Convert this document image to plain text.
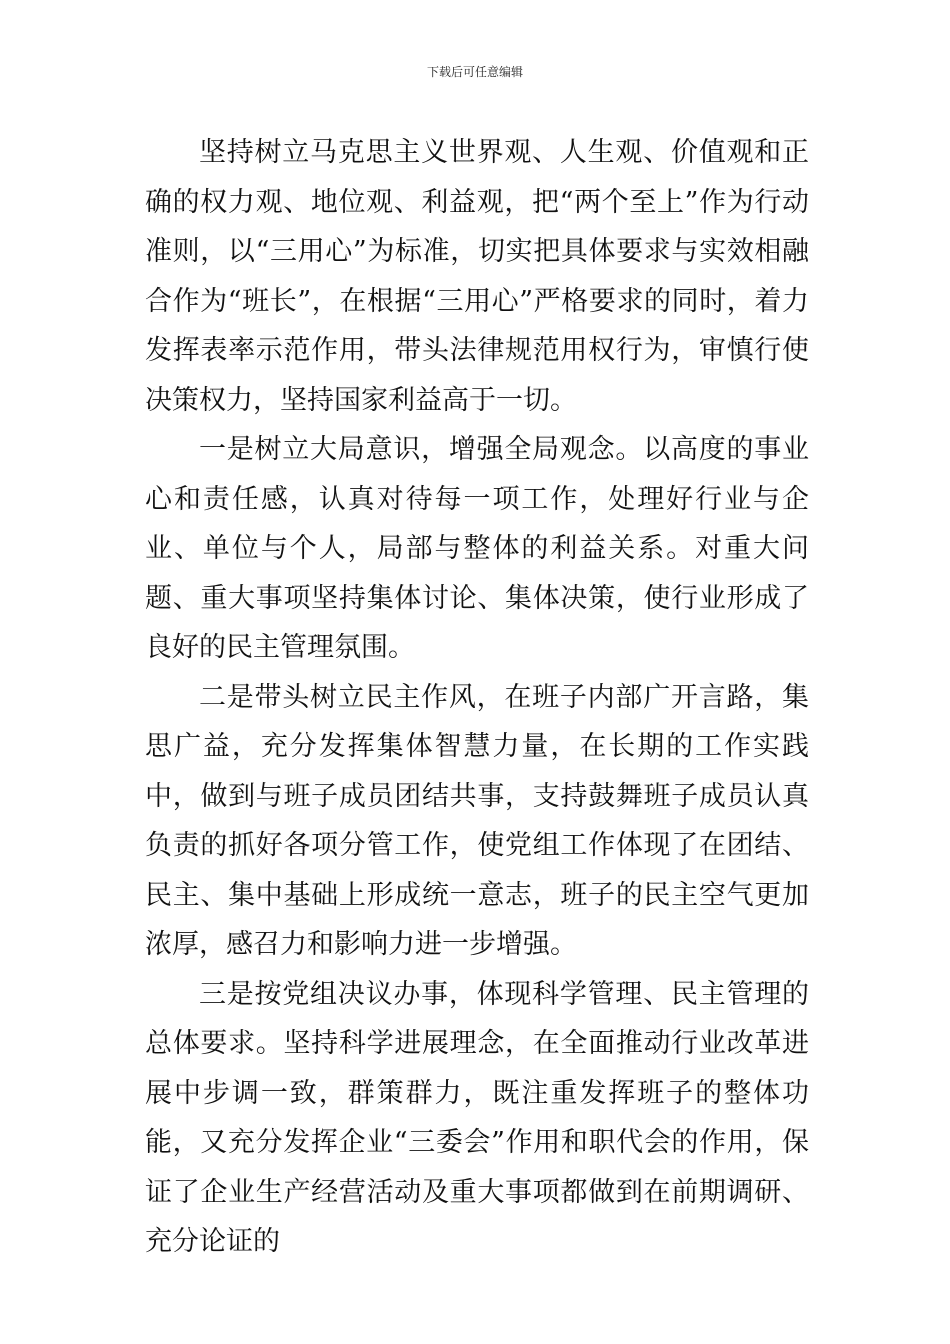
下载后可任意编辑

坚持树立马克思主义世界观、人生观、价值观和正确的权力观、地位观、利益观，把“两个至上”作为行动准则，以“三用心”为标准，切实把具体要求与实效相融合作为“班长”，在根据“三用心”严格要求的同时，着力发挥表率示范作用，带头法律规范用权行为，审慎行使决策权力，坚持国家利益高于一切。

一是树立大局意识，增强全局观念。以高度的事业心和责任感，认真对待每一项工作，处理好行业与企业、单位与个人，局部与整体的利益关系。对重大问题、重大事项坚持集体讨论、集体决策，使行业形成了良好的民主管理氛围。

二是带头树立民主作风，在班子内部广开言路，集思广益，充分发挥集体智慧力量，在长期的工作实践中，做到与班子成员团结共事，支持鼓舞班子成员认真负责的抓好各项分管工作，使党组工作体现了在团结、民主、集中基础上形成统一意志，班子的民主空气更加浓厚，感召力和影响力进一步增强。

三是按党组决议办事，体现科学管理、民主管理的总体要求。坚持科学进展理念，在全面推动行业改革进展中步调一致，群策群力，既注重发挥班子的整体功能，又充分发挥企业“三委会”作用和职代会的作用，保证了企业生产经营活动及重大事项都做到在前期调研、充分论证的
